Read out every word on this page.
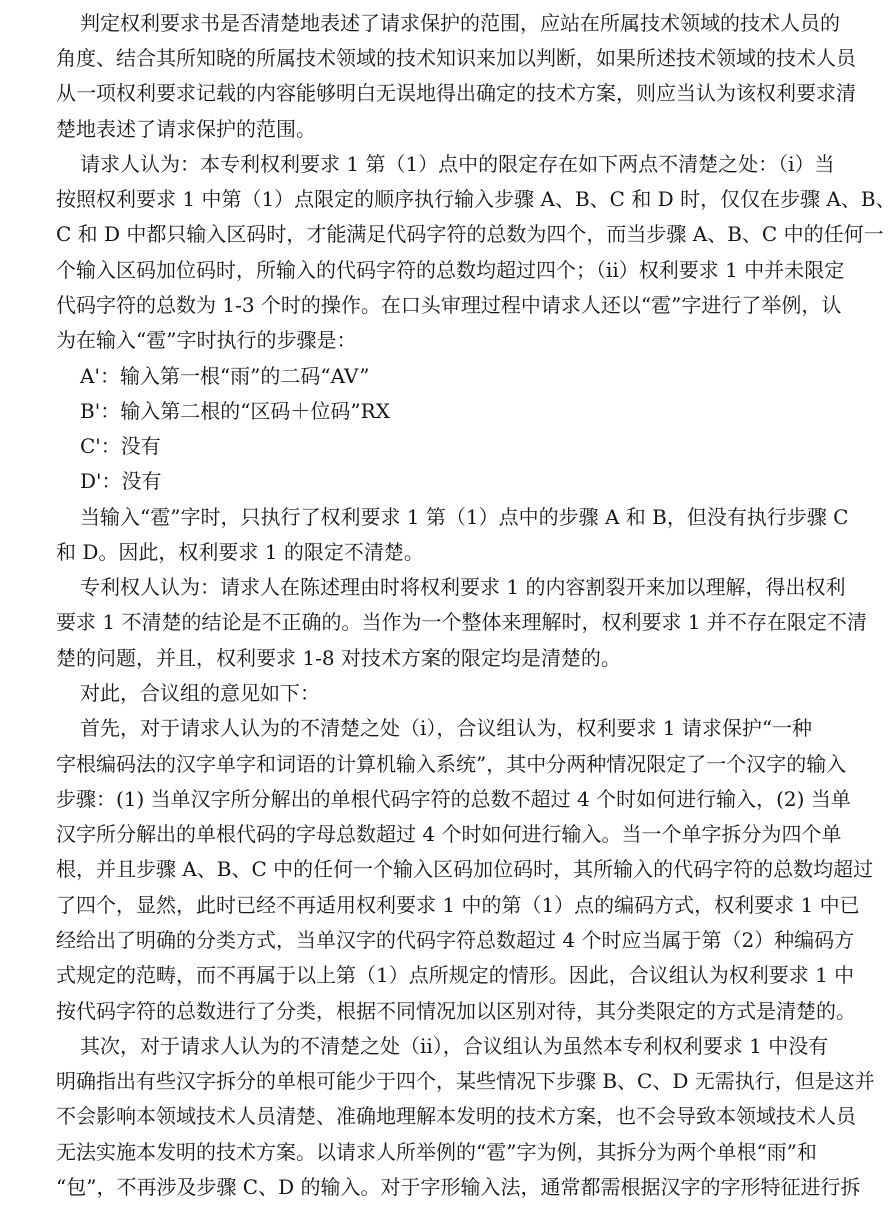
判定权利要求书是否清楚地表述了请求保护的范围，应站在所属技术领域的技术人员的
角度、结合其所知晓的所属技术领域的技术知识来加以判断，如果所述技术领域的技术人员
从一项权利要求记载的内容能够明白无误地得出确定的技术方案，则应当认为该权利要求清
楚地表述了请求保护的范围。
请求人认为：本专利权利要求 1 第（1）点中的限定存在如下两点不清楚之处：（ⅰ）当
按照权利要求 1 中第（1）点限定的顺序执行输入步骤 A、B、C 和 D 时，仅仅在步骤 A、B、
C 和 D 中都只输入区码时，才能满足代码字符的总数为四个，而当步骤 A、B、C 中的任何一
个输入区码加位码时，所输入的代码字符的总数均超过四个；（ⅱ）权利要求 1 中并未限定
代码字符的总数为 1-3 个时的操作。在口头审理过程中请求人还以“雹”字进行了举例，认
为在输入“雹”字时执行的步骤是：
A'：输入第一根“雨”的二码“AV”
B'：输入第二根的“区码＋位码”RX
C'：没有
D'：没有
当输入“雹”字时，只执行了权利要求 1 第（1）点中的步骤 A 和 B，但没有执行步骤 C
和 D。因此，权利要求 1 的限定不清楚。
专利权人认为：请求人在陈述理由时将权利要求 1 的内容割裂开来加以理解，得出权利
要求 1 不清楚的结论是不正确的。当作为一个整体来理解时，权利要求 1 并不存在限定不清
楚的问题，并且，权利要求 1-8 对技术方案的限定均是清楚的。
对此，合议组的意见如下：
首先，对于请求人认为的不清楚之处（ⅰ），合议组认为，权利要求 1 请求保护“一种
字根编码法的汉字单字和词语的计算机输入系统”，其中分两种情况限定了一个汉字的输入
步骤：(1) 当单汉字所分解出的单根代码字符的总数不超过 4 个时如何进行输入，(2) 当单
汉字所分解出的单根代码的字母总数超过 4 个时如何进行输入。当一个单字拆分为四个单
根，并且步骤 A、B、C 中的任何一个输入区码加位码时，其所输入的代码字符的总数均超过
了四个，显然，此时已经不再适用权利要求 1 中的第（1）点的编码方式，权利要求 1 中已
经给出了明确的分类方式，当单汉字的代码字符总数超过 4 个时应当属于第（2）种编码方
式规定的范畴，而不再属于以上第（1）点所规定的情形。因此，合议组认为权利要求 1 中
按代码字符的总数进行了分类，根据不同情况加以区别对待，其分类限定的方式是清楚的。
其次，对于请求人认为的不清楚之处（ⅱ），合议组认为虽然本专利权利要求 1 中没有
明确指出有些汉字拆分的单根可能少于四个，某些情况下步骤 B、C、D 无需执行，但是这并
不会影响本领域技术人员清楚、准确地理解本发明的技术方案，也不会导致本领域技术人员
无法实施本发明的技术方案。以请求人所举例的“雹”字为例，其拆分为两个单根“雨”和
“包”，不再涉及步骤 C、D 的输入。对于字形输入法，通常都需根据汉字的字形特征进行拆
